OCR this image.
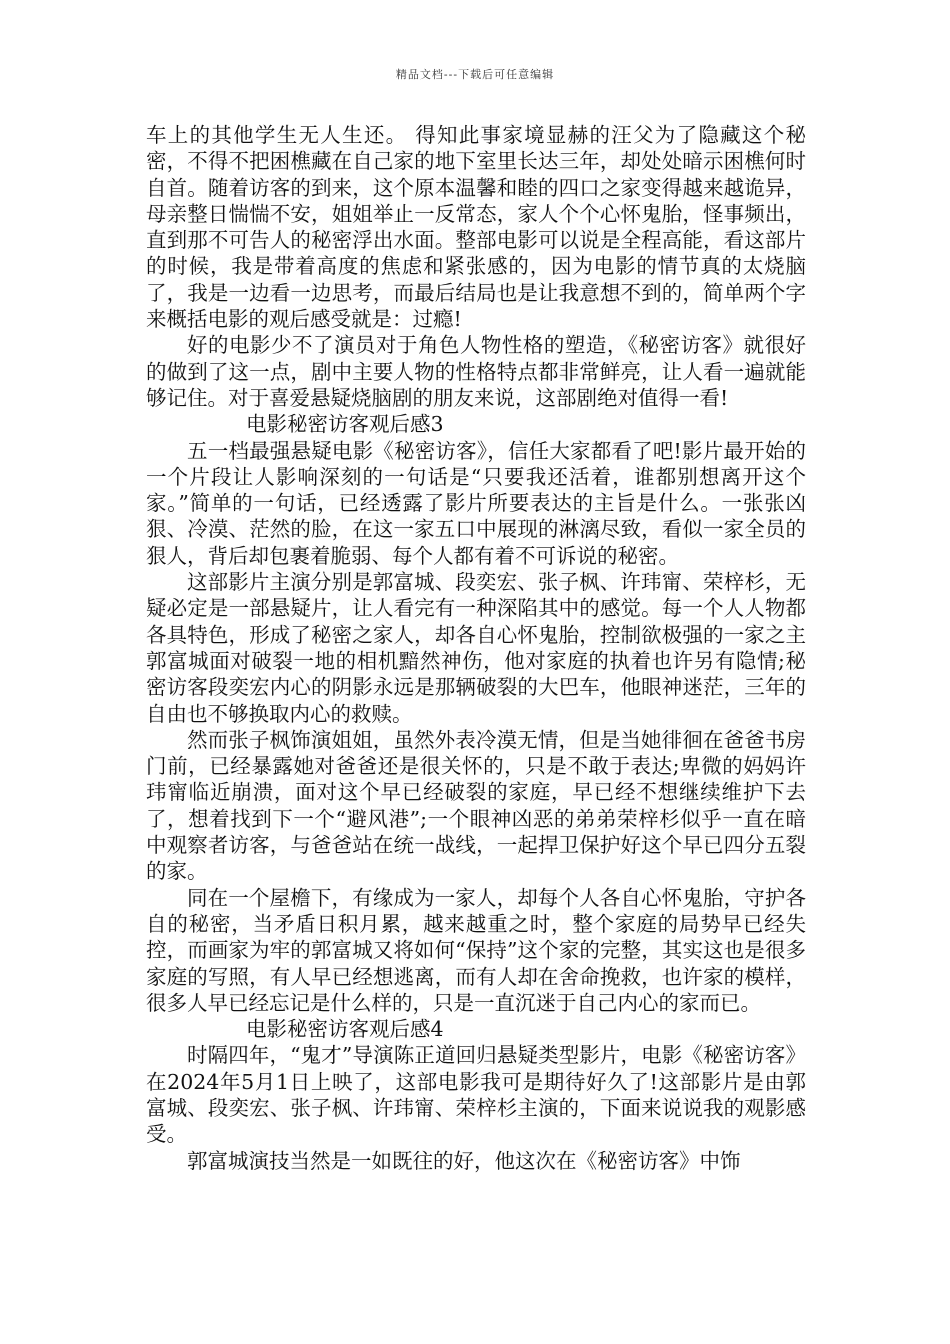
精品文档---下载后可任意编辑

车上的其他学生无人生还。 得知此事家境显赫的汪父为了隐藏这个秘密，不得不把困樵藏在自己家的地下室里长达三年，却处处暗示困樵何时自首。随着访客的到来，这个原本温馨和睦的四口之家变得越来越诡异，母亲整日惴惴不安，姐姐举止一反常态，家人个个心怀鬼胎，怪事频出，直到那不可告人的秘密浮出水面。整部电影可以说是全程高能，看这部片的时候，我是带着高度的焦虑和紧张感的，因为电影的情节真的太烧脑了，我是一边看一边思考，而最后结局也是让我意想不到的，简单两个字来概括电影的观后感受就是：过瘾!

好的电影少不了演员对于角色人物性格的塑造，《秘密访客》就很好的做到了这一点，剧中主要人物的性格特点都非常鲜亮，让人看一遍就能够记住。对于喜爱悬疑烧脑剧的朋友来说，这部剧绝对值得一看!

电影秘密访客观后感3

五一档最强悬疑电影《秘密访客》，信任大家都看了吧!影片最开始的一个片段让人影响深刻的一句话是“只要我还活着，谁都别想离开这个家。”简单的一句话，已经透露了影片所要表达的主旨是什么。一张张凶狠、冷漠、茫然的脸，在这一家五口中展现的淋漓尽致，看似一家全员的狠人，背后却包裹着脆弱、每个人都有着不可诉说的秘密。

这部影片主演分别是郭富城、段奕宏、张子枫、许玮甯、荣梓杉，无疑必定是一部悬疑片，让人看完有一种深陷其中的感觉。每一个人人物都各具特色，形成了秘密之家人，却各自心怀鬼胎，控制欲极强的一家之主郭富城面对破裂一地的相机黯然神伤，他对家庭的执着也许另有隐情;秘密访客段奕宏内心的阴影永远是那辆破裂的大巴车，他眼神迷茫，三年的自由也不够换取内心的救赎。

然而张子枫饰演姐姐，虽然外表冷漠无情，但是当她徘徊在爸爸书房门前，已经暴露她对爸爸还是很关怀的，只是不敢于表达;卑微的妈妈许玮甯临近崩溃，面对这个早已经破裂的家庭，早已经不想继续维护下去了，想着找到下一个“避风港”;一个眼神凶恶的弟弟荣梓杉似乎一直在暗中观察者访客，与爸爸站在统一战线，一起捍卫保护好这个早已四分五裂的家。

同在一个屋檐下，有缘成为一家人，却每个人各自心怀鬼胎，守护各自的秘密，当矛盾日积月累，越来越重之时，整个家庭的局势早已经失控，而画家为牢的郭富城又将如何“保持”这个家的完整，其实这也是很多家庭的写照，有人早已经想逃离，而有人却在舍命挽救，也许家的模样，很多人早已经忘记是什么样的，只是一直沉迷于自己内心的家而已。

电影秘密访客观后感4

时隔四年，“鬼才”导演陈正道回归悬疑类型影片，电影《秘密访客》在2024年5月1日上映了，这部电影我可是期待好久了!这部影片是由郭富城、段奕宏、张子枫、许玮甯、荣梓杉主演的，下面来说说我的观影感受。

郭富城演技当然是一如既往的好，他这次在《秘密访客》中饰
